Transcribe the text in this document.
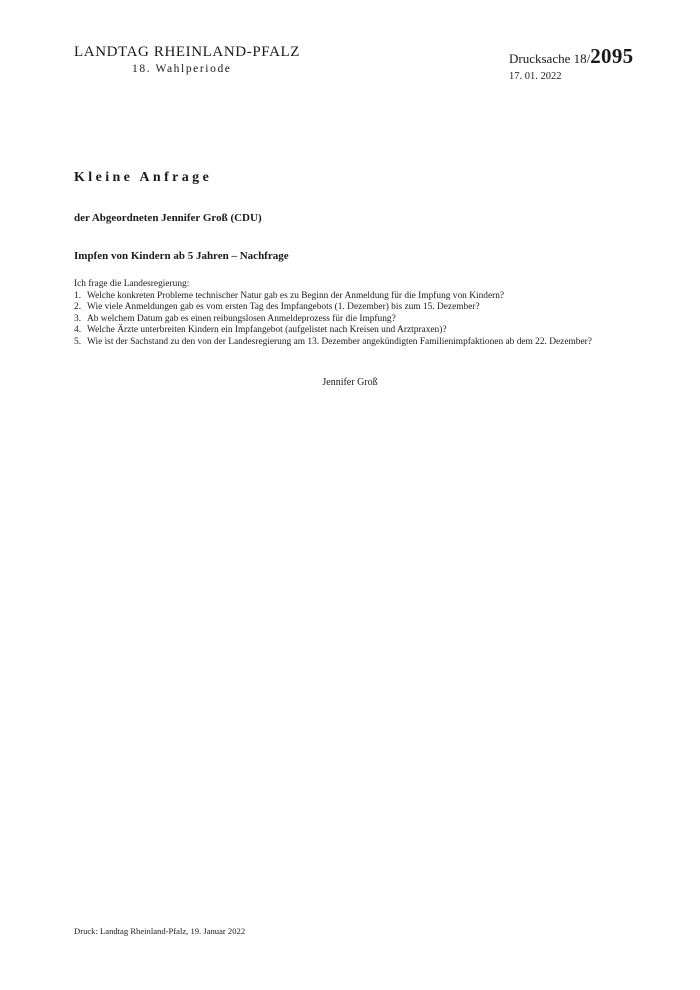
LANDTAG RHEINLAND-PFALZ
18. Wahlperiode
Drucksache 18/2095
17. 01. 2022
Kleine Anfrage
der Abgeordneten Jennifer Groß (CDU)
Impfen von Kindern ab 5 Jahren – Nachfrage
Ich frage die Landesregierung:
1. Welche konkreten Probleme technischer Natur gab es zu Beginn der Anmeldung für die Impfung von Kindern?
2. Wie viele Anmeldungen gab es vom ersten Tag des Impfangebots (1. Dezember) bis zum 15. Dezember?
3. Ab welchem Datum gab es einen reibungslosen Anmeldeprozess für die Impfung?
4. Welche Ärzte unterbreiten Kindern ein Impfangebot (aufgelistet nach Kreisen und Arztpraxen)?
5. Wie ist der Sachstand zu den von der Landesregierung am 13. Dezember angekündigten Familienimpfaktionen ab dem 22. Dezember?
Jennifer Groß
Druck: Landtag Rheinland-Pfalz, 19. Januar 2022
